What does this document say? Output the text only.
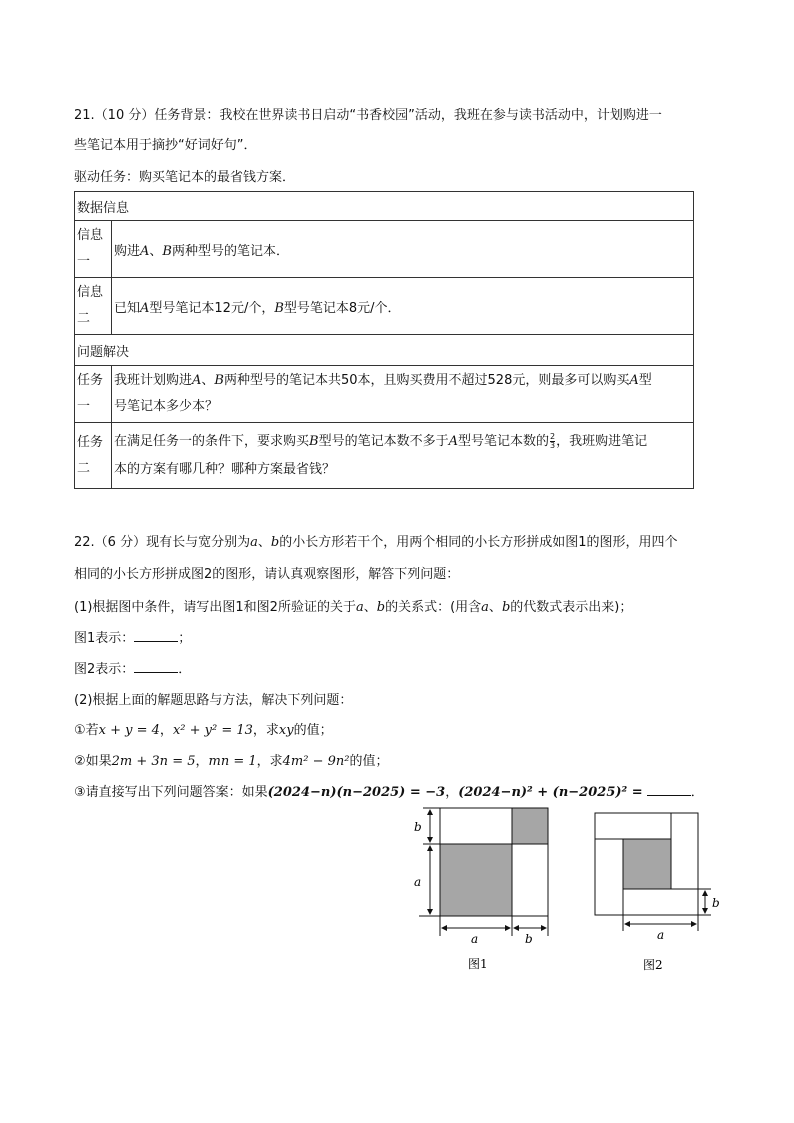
21.（10 分）任务背景：我校在世界读书日启动“书香校园”活动，我班在参与读书活动中，计划购进一
些笔记本用于摘抄“好词好句”．
驱动任务：购买笔记本的最省钱方案．
数据信息	
信息一	购进A、B两种型号的笔记本．
信息二	已知A型号笔记本12元/个，B型号笔记本8元/个．
问题解决	
任务一	我班计划购进A、B两种型号的笔记本共50本，且购买费用不超过528元，则最多可以购买A型
号笔记本多少本？
任务二	在满足任务一的条件下，要求购买B型号的笔记本数不多于A型号笔记本数的 $\frac{2}{3}$ ，我班购进笔记
本的方案有哪几种？哪种方案最省钱？
22.（6 分）现有长与宽分别为a、b的小长方形若干个，用两个相同的小长方形拼成如图1的图形，用四个
相同的小长方形拼成图2的图形，请认真观察图形，解答下列问题：
(1)根据图中条件，请写出图1和图2所验证的关于a、b的关系式：(用含a、b的代数式表示出来)；
图1表示：	；
图2表示：	．
(2)根据上面的解题思路与方法，解决下列问题：
①若x + y = 4，x² + y² = 13，求xy的值；
②如果2m + 3n = 5，mn = 1，求4m² − 9n²的值；
③请直接写出下列问题答案：如果(2024−n)(n−2025) = −3，(2024−n)² + (n−2025)² =	．
b
a
a	b
图1
b
a
图2
